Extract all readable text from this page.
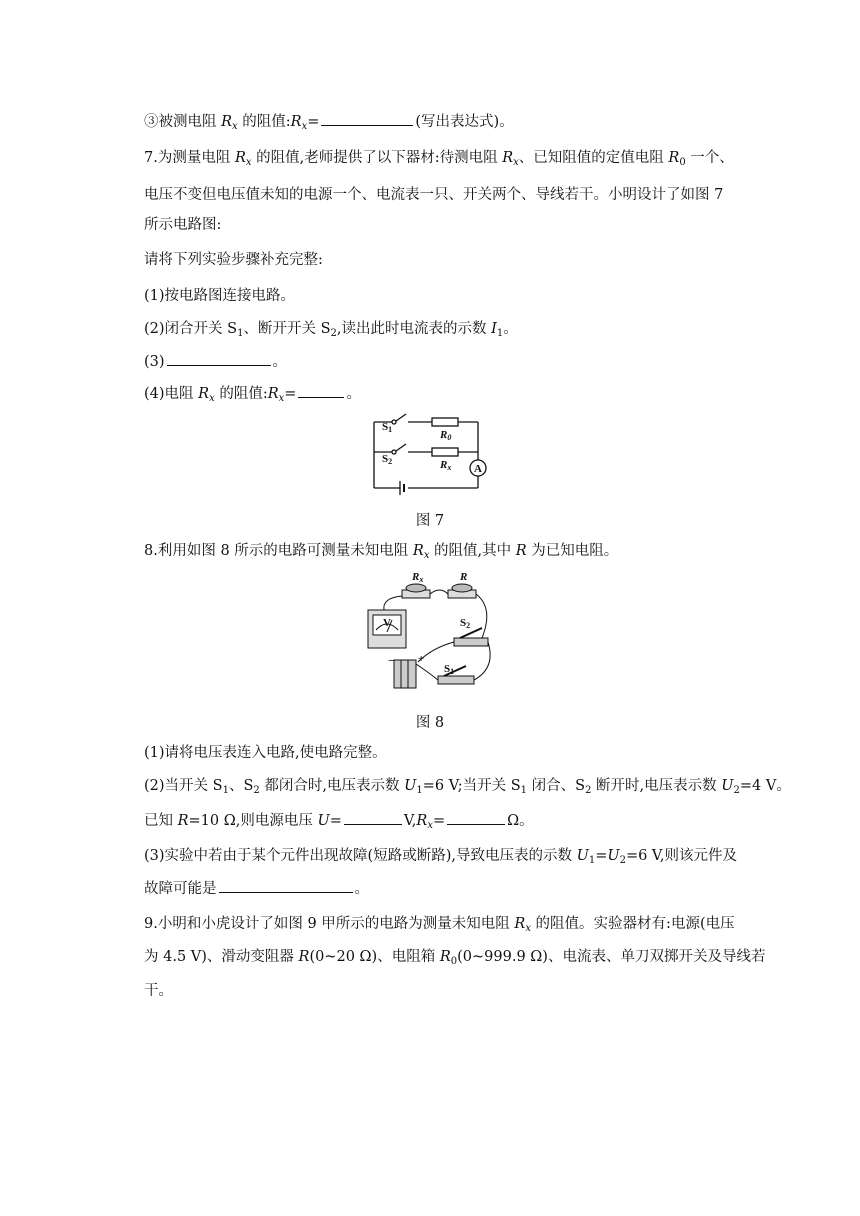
③被测电阻 $R_x$ 的阻值$:R_x=$	(写出表达式)。
7.为测量电阻 $R_x$ 的阻值,老师提供了以下器材:待测电阻 $R_x$、已知阻值的定值电阻 $R_0$ 一个、
电压不变但电压值未知的电源一个、电流表一只、开关两个、导线若干。小明设计了如图 7
所示电路图:
请将下列实验步骤补充完整:
(1)按电路图连接电路。
(2)闭合开关 $S_1$、断开开关 $S_2$,读出此时电流表的示数 $I_1$。
(3)	。
(4)电阻 $R_x$ 的阻值$:R_x=$	。
S1
S2
R0
Rx A
图 7
8.利用如图 8 所示的电路可测量未知电阻 $R_x$ 的阻值,其中 R 为已知电阻。
Rx	R
S2
S1
V
− +
图 8
(1)请将电压表连入电路,使电路完整。
(2)当开关 $S_1$、$S_2$ 都闭合时,电压表示数 $U_1=6$ V;当开关 $S_1$ 闭合、$S_2$ 断开时,电压表示数 $U_2=4$ V。
已知 R=10 Ω,则电源电压 U=	$V,R_x=$	Ω。
(3)实验中若由于某个元件出现故障(短路或断路),导致电压表的示数 $U_1=U_2=6$ V,则该元件及
故障可能是	。
9.小明和小虎设计了如图 9 甲所示的电路为测量未知电阻 $R_x$ 的阻值。实验器材有:电源(电压
为 4.5 V)、滑动变阻器 R(0~20 Ω)、电阻箱 $R_0(0\sim 999.9$ Ω)、电流表、单刀双掷开关及导线若
干。
